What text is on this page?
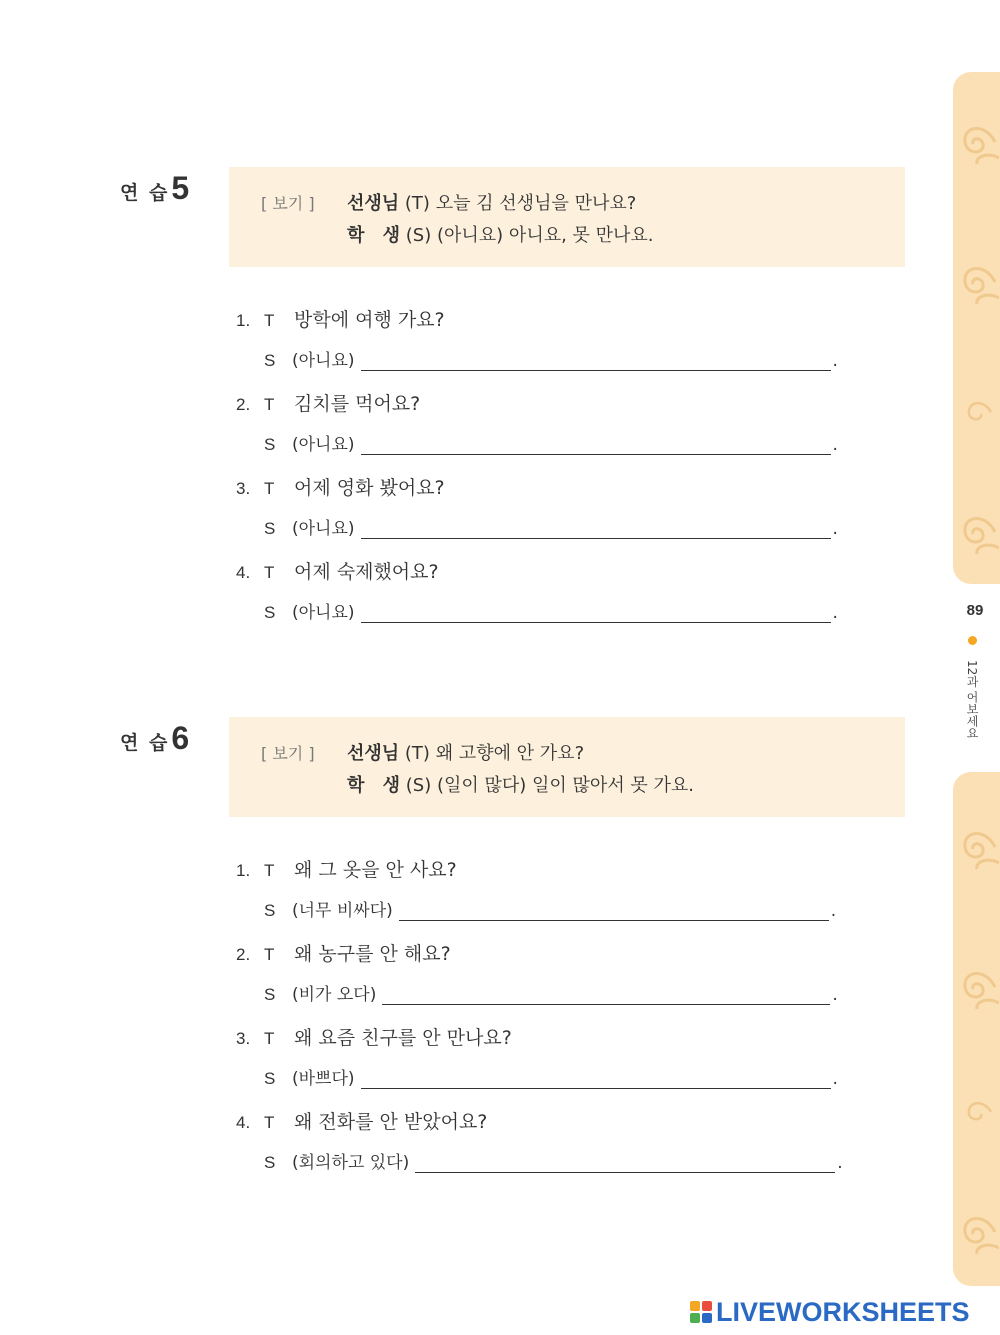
89
12과 어보세요
연 습5	[ 보기 ] 선생님 (T) 오늘 김 선생님을 만나요?
학 생 (S) (아니요) 아니요, 못 만나요.
1. T 방학에 여행 가요?
S (아니요)	.
2. T 김치를 먹어요?
S (아니요)	.
3. T 어제 영화 봤어요?
S (아니요)	.
4. T 어제 숙제했어요?
S (아니요)	.
연 습6	[ 보기 ] 선생님 (T) 왜 고향에 안 가요?
학 생 (S) (일이 많다) 일이 많아서 못 가요.
1. T 왜 그 옷을 안 사요?
S (너무 비싸다)	.
2. T 왜 농구를 안 해요?
S (비가 오다)	.
3. T 왜 요즘 친구를 안 만나요?
S (바쁘다)	.
4. T 왜 전화를 안 받았어요?
S (회의하고 있다)	.
LIVEWORKSHEETS
